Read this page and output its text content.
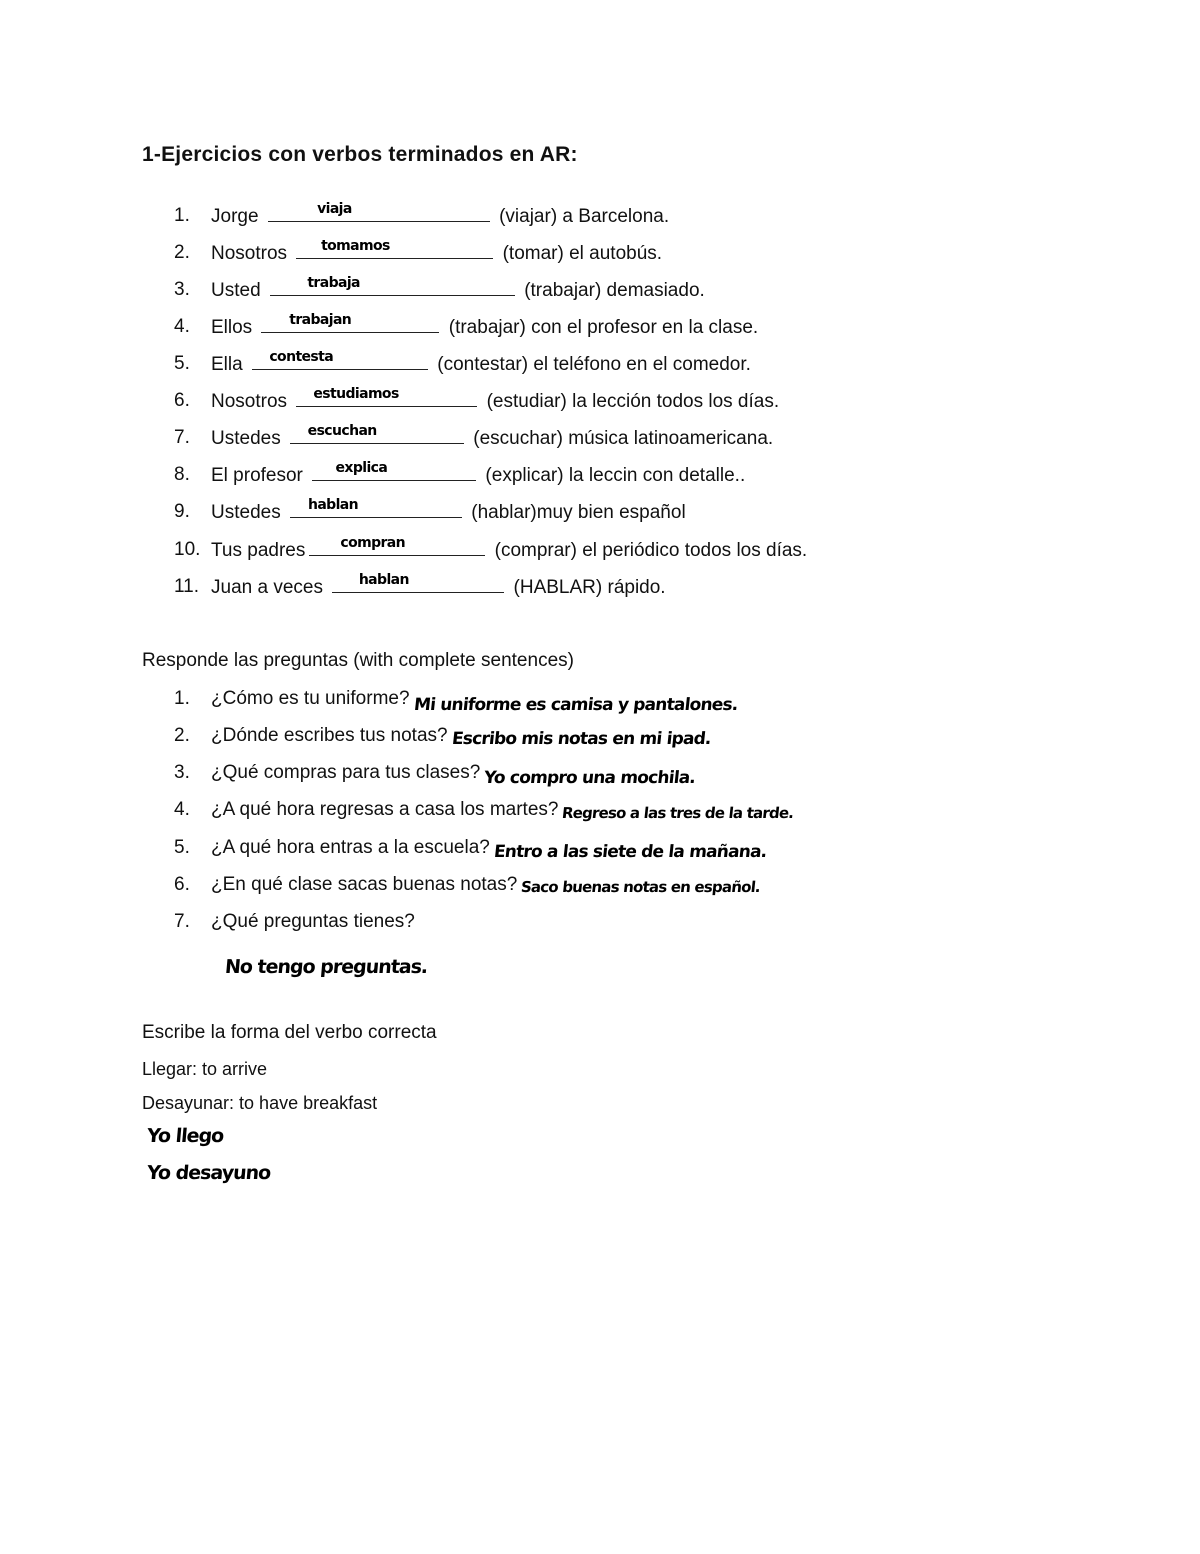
1-Ejercicios con verbos terminados en AR:
1.	Jorge	viaja	(viajar) a Barcelona.
2.	Nosotros tomamos	(tomar) el autobús.
3.	Usted	trabaja	(trabajar) demasiado.
4.	Ellos trabajan	(trabajar) con el profesor en la clase.
5.	Ella contesta	(contestar) el teléfono en el comedor.
6.	Nosotros estudiamos	(estudiar) la lección todos los días.
7.	Ustedes escuchan	(escuchar) música latinoamericana.
8.	El profesor explica	(explicar) la leccin con detalle..
9.	Ustedes hablan	(hablar)muy bien español
10. Tus padres	compran	(comprar) el periódico todos los días.
11. Juan a veces hablan	(HABLAR) rápido.
Responde las preguntas (with complete sentences)
1.	¿Cómo es tu uniforme? Mi uniforme es camisa y pantalones.
2.	¿Dónde escribes tus notas? Escribo mis notas en mi ipad.
3.	¿Qué compras para tus clases? Yo compro una mochila.
4.	¿A qué hora regresas a casa los martes? Regreso a las tres de la tarde.
5.	¿A qué hora entras a la escuela? Entro a las siete de la mañana.
6.	¿En qué clase sacas buenas notas? Saco buenas notas en español.
7.	¿Qué preguntas tienes?
No tengo preguntas.
Escribe la forma del verbo correcta
Llegar: to arrive
Desayunar: to have breakfast
Yo llego
Yo desayuno
